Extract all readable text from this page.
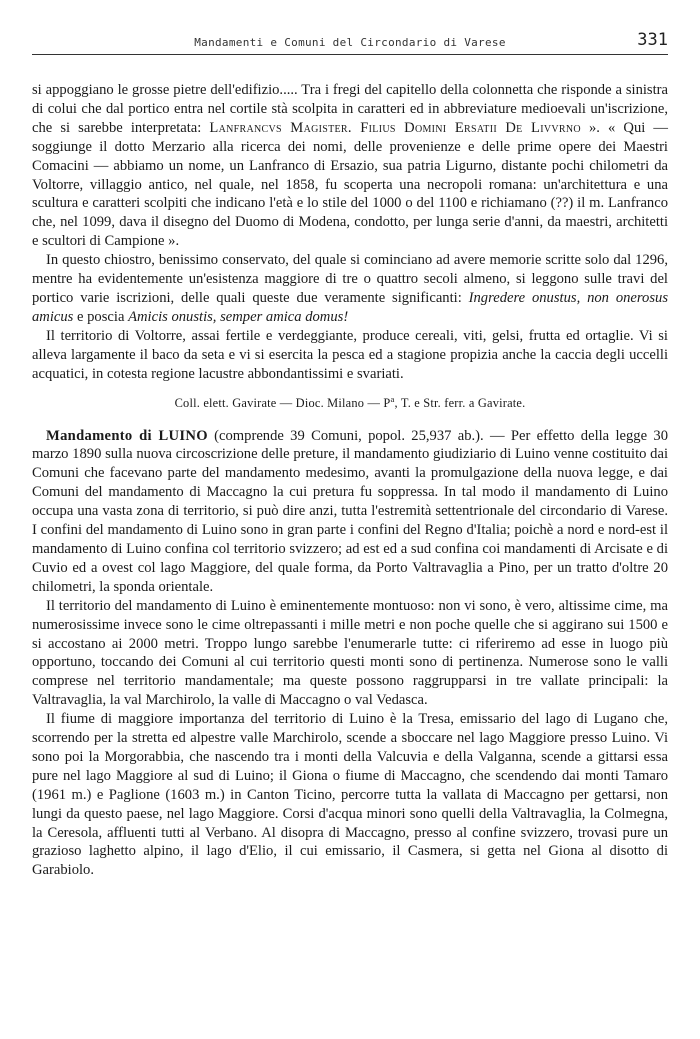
Mandamenti e Comuni del Circondario di Varese	331

si appoggiano le grosse pietre dell'edifizio..... Tra i fregi del capitello della colonnetta che risponde a sinistra di colui che dal portico entra nel cortile stà scolpita in caratteri ed in abbreviature medioevali un'iscrizione, che si sarebbe interpretata: Lanfrancvs Magister. Filius Domini Ersatii De Livvrno ». « Qui — soggiunge il dotto Merzario alla ricerca dei nomi, delle provenienze e delle prime opere dei Maestri Comacini — abbiamo un nome, un Lanfranco di Ersazio, sua patria Ligurno, distante pochi chilometri da Voltorre, villaggio antico, nel quale, nel 1858, fu scoperta una necropoli romana: un'architettura e una scultura e caratteri scolpiti che indicano l'età e lo stile del 1000 o del 1100 e richiamano (??) il m. Lanfranco che, nel 1099, dava il disegno del Duomo di Modena, condotto, per lunga serie d'anni, da maestri, architetti e scultori di Campione ».

In questo chiostro, benissimo conservato, del quale si cominciano ad avere memorie scritte solo dal 1296, mentre ha evidentemente un'esistenza maggiore di tre o quattro secoli almeno, si leggono sulle travi del portico varie iscrizioni, delle quali queste due veramente significanti: Ingredere onustus, non onerosus amicus e poscia Amicis onustis, semper amica domus!

Il territorio di Voltorre, assai fertile e verdeggiante, produce cereali, viti, gelsi, frutta ed ortaglie. Vi si alleva largamente il baco da seta e vi si esercita la pesca ed a stagione propizia anche la caccia degli uccelli acquatici, in cotesta regione lacustre abbondantissimi e svariati.

Coll. elett. Gavirate — Dioc. Milano — $P^a$, T. e Str. ferr. a Gavirate.

Mandamento di LUINO (comprende 39 Comuni, popol. 25,937 ab.). — Per effetto della legge 30 marzo 1890 sulla nuova circoscrizione delle preture, il mandamento giudiziario di Luino venne costituito dai Comuni che facevano parte del mandamento medesimo, avanti la promulgazione della nuova legge, e dai Comuni del mandamento di Maccagno la cui pretura fu soppressa. In tal modo il mandamento di Luino occupa una vasta zona di territorio, si può dire anzi, tutta l'estremità settentrionale del circondario di Varese. I confini del mandamento di Luino sono in gran parte i confini del Regno d'Italia; poichè a nord e nord-est il mandamento di Luino confina col territorio svizzero; ad est ed a sud confina coi mandamenti di Arcisate e di Cuvio ed a ovest col lago Maggiore, del quale forma, da Porto Valtravaglia a Pino, per un tratto d'oltre 20 chilometri, la sponda orientale.

Il territorio del mandamento di Luino è eminentemente montuoso: non vi sono, è vero, altissime cime, ma numerosissime invece sono le cime oltrepassanti i mille metri e non poche quelle che si aggirano sui 1500 e si accostano ai 2000 metri. Troppo lungo sarebbe l'enumerarle tutte: ci riferiremo ad esse in luogo più opportuno, toccando dei Comuni al cui territorio questi monti sono di pertinenza. Numerose sono le valli comprese nel territorio mandamentale; ma queste possono raggrupparsi in tre vallate principali: la Valtravaglia, la val Marchirolo, la valle di Maccagno o val Vedasca.

Il fiume di maggiore importanza del territorio di Luino è la Tresa, emissario del lago di Lugano che, scorrendo per la stretta ed alpestre valle Marchirolo, scende a sboccare nel lago Maggiore presso Luino. Vi sono poi la Morgorabbia, che nascendo tra i monti della Valcuvia e della Valganna, scende a gittarsi essa pure nel lago Maggiore al sud di Luino; il Giona o fiume di Maccagno, che scendendo dai monti Tamaro (1961 m.) e Paglione (1603 m.) in Canton Ticino, percorre tutta la vallata di Maccagno per gettarsi, non lungi da questo paese, nel lago Maggiore. Corsi d'acqua minori sono quelli della Valtravaglia, la Colmegna, la Ceresola, affluenti tutti al Verbano. Al disopra di Maccagno, presso al confine svizzero, trovasi pure un grazioso laghetto alpino, il lago d'Elio, il cui emissario, il Casmera, si getta nel Giona al disotto di Garabiolo.
